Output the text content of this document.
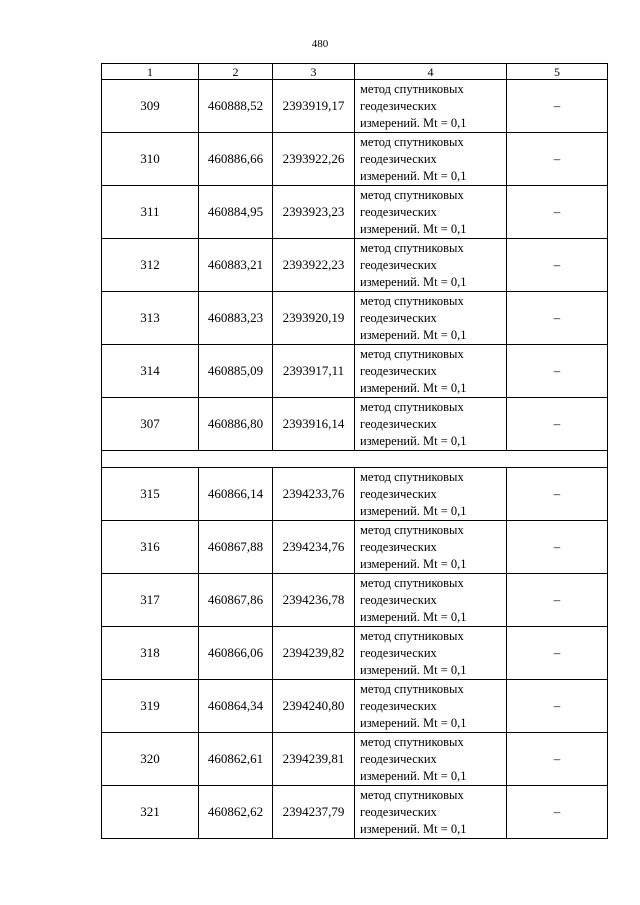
480
1	2	3	4	5
309	460888,52	2393919,17	метод спутниковых
геодезических
измерений. Mt = 0,1	–
310	460886,66	2393922,26	метод спутниковых
геодезических
измерений. Mt = 0,1	–
311	460884,95	2393923,23	метод спутниковых
геодезических
измерений. Mt = 0,1	–
312	460883,21	2393922,23	метод спутниковых
геодезических
измерений. Mt = 0,1	–
313	460883,23	2393920,19	метод спутниковых
геодезических
измерений. Mt = 0,1	–
314	460885,09	2393917,11	метод спутниковых
геодезических
измерений. Mt = 0,1	–
307	460886,80	2393916,14	метод спутниковых
геодезических
измерений. Mt = 0,1	–

315	460866,14	2394233,76	метод спутниковых
геодезических
измерений. Mt = 0,1	–
316	460867,88	2394234,76	метод спутниковых
геодезических
измерений. Mt = 0,1	–
317	460867,86	2394236,78	метод спутниковых
геодезических
измерений. Mt = 0,1	–
318	460866,06	2394239,82	метод спутниковых
геодезических
измерений. Mt = 0,1	–
319	460864,34	2394240,80	метод спутниковых
геодезических
измерений. Mt = 0,1	–
320	460862,61	2394239,81	метод спутниковых
геодезических
измерений. Mt = 0,1	–
321	460862,62	2394237,79	метод спутниковых
геодезических
измерений. Mt = 0,1	–
